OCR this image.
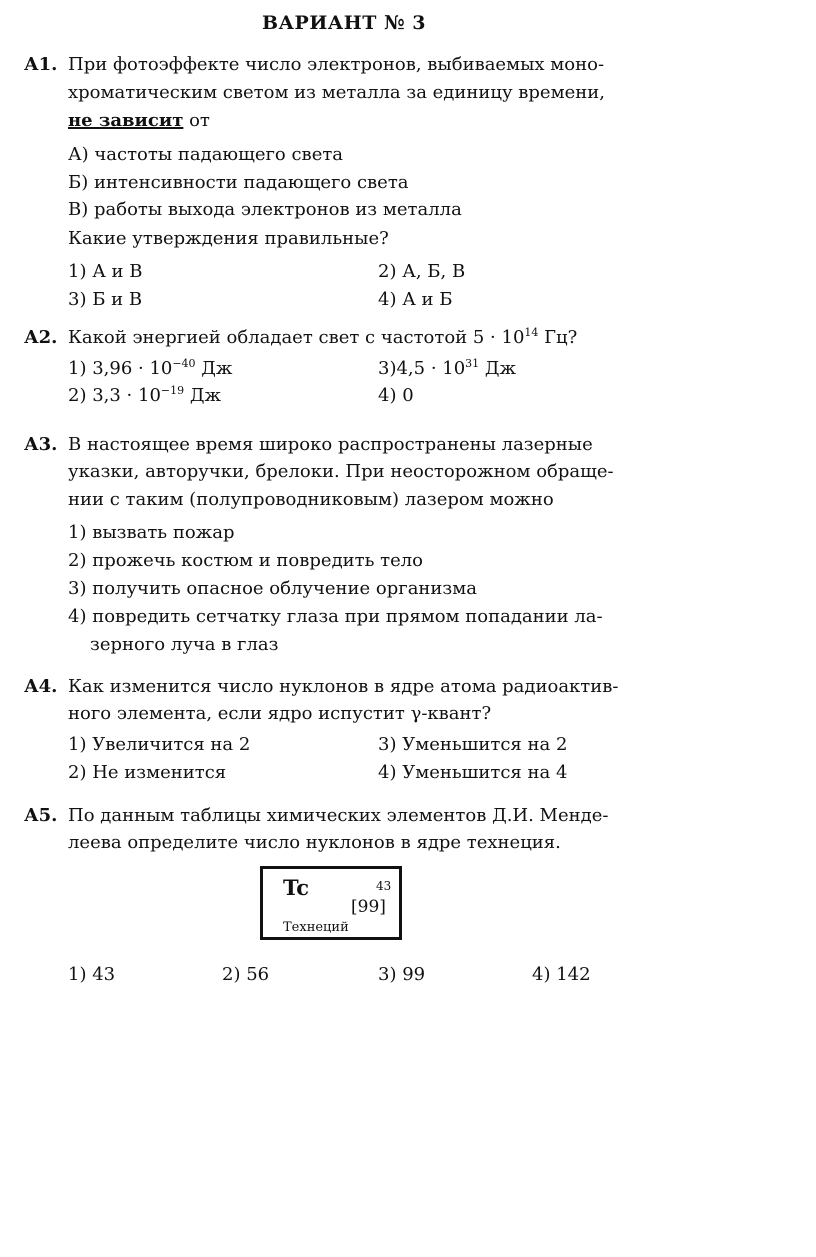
ВАРИАНТ № 3
А1. При фотоэффекте число электронов, выбиваемых моно-
хроматическим светом из металла за единицу времени,
не зависит от
А) частоты падающего света
Б) интенсивности падающего света
В) работы выхода электронов из металла
Какие утверждения правильные?
1) А и В	2) А, Б, В
3) Б и В	4) А и Б
А2. Какой энергией обладает свет с частотой $5 \cdot 10^{14}$ Гц?
1) $3,96 \cdot 10^{-40}$ Дж	$3)4,5 \cdot 10^{31}$ Дж
2) $3,3 \cdot 10^{-19}$ Дж	4) 0
А3. В настоящее время широко распространены лазерные
указки, авторучки, брелоки. При неосторожном обраще-
нии с таким (полупроводниковым) лазером можно
1) вызвать пожар
2) прожечь костюм и повредить тело
3) получить опасное облучение организма
4) повредить сетчатку глаза при прямом попадании ла-
зерного луча в глаз
А4. Как изменится число нуклонов в ядре атома радиоактив-
ного элемента, если ядро испустит γ-квант?
1) Увеличится на 2	3) Уменьшится на 2
2) Не изменится	4) Уменьшится на 4
А5. По данным таблицы химических элементов Д.И. Менде-
леева определите число нуклонов в ядре технеция.
Tc	43
[99]
Технеций
1) 43	2) 56	3) 99	4) 142
